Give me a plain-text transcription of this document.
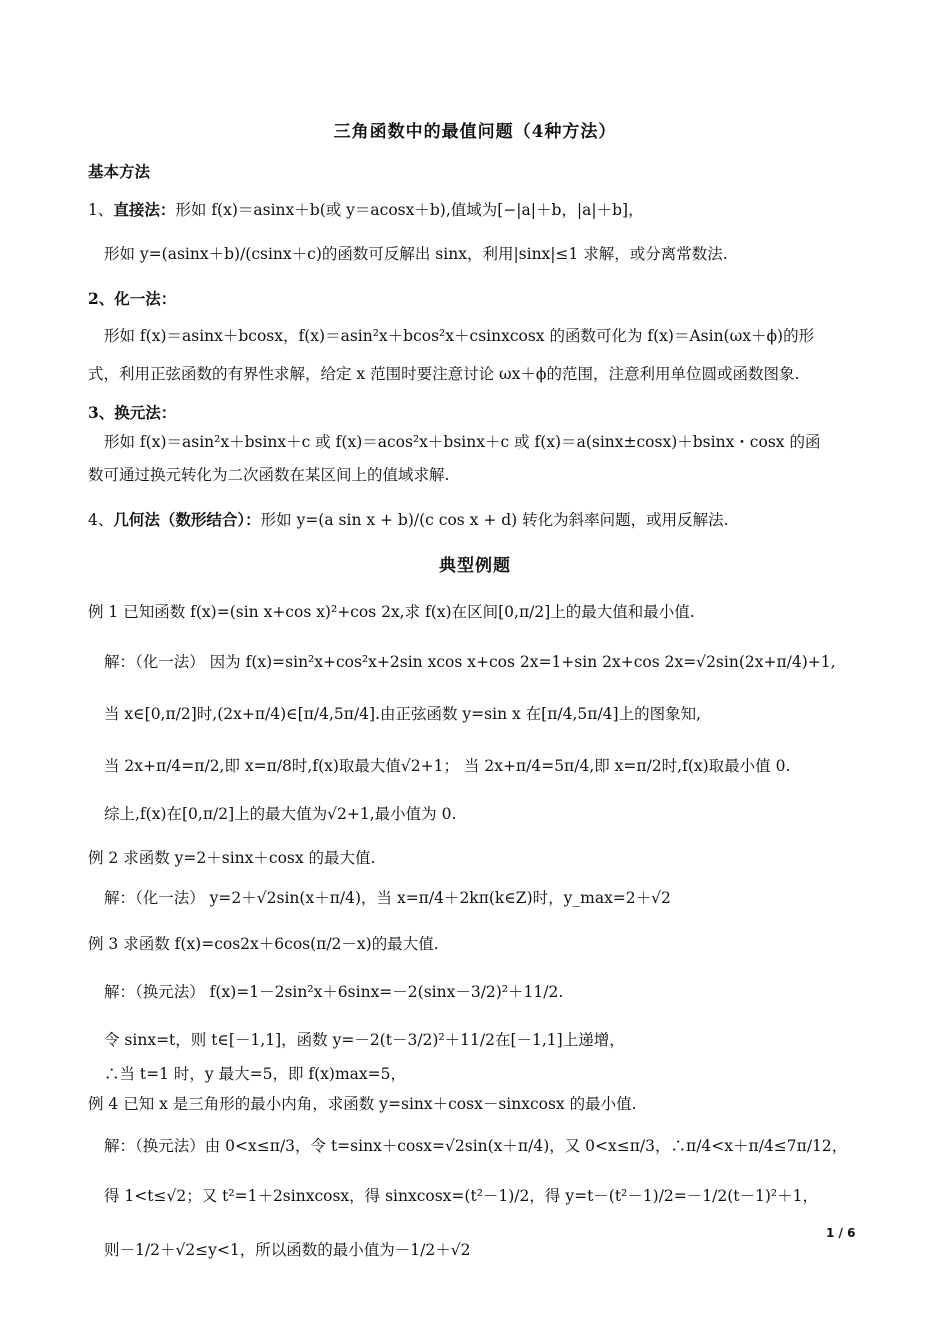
三角函数中的最值问题（4种方法）
基本方法
1、直接法：形如 f(x)＝asinx＋b(或 y＝acosx＋b),值域为[−|a|＋b，|a|＋b]，
形如 y=(asinx＋b)/(csinx＋c)的函数可反解出 sinx，利用|sinx|≤1 求解，或分离常数法.
2、化一法：
形如 f(x)＝asinx＋bcosx，f(x)＝asin²x＋bcos²x＋csinxcosx 的函数可化为 f(x)＝Asin(ωx＋ϕ)的形
式，利用正弦函数的有界性求解，给定 x 范围时要注意讨论 ωx＋ϕ的范围，注意利用单位圆或函数图象.
3、换元法：
形如 f(x)＝asin²x＋bsinx＋c 或 f(x)＝acos²x＋bsinx＋c 或 f(x)＝a(sinx±cosx)＋bsinx・cosx 的函
数可通过换元转化为二次函数在某区间上的值域求解.
4、几何法（数形结合）：形如 y=(a sin x + b)/(c cos x + d) 转化为斜率问题，或用反解法.
典型例题
例 1 已知函数 f(x)=(sin x+cos x)²+cos 2x,求 f(x)在区间[0,π/2]上的最大值和最小值.
解：（化一法） 因为 f(x)=sin²x+cos²x+2sin xcos x+cos 2x=1+sin 2x+cos 2x=√2sin(2x+π/4)+1,
当 x∈[0,π/2]时,(2x+π/4)∈[π/4,5π/4].由正弦函数 y=sin x 在[π/4,5π/4]上的图象知,
当 2x+π/4=π/2,即 x=π/8时,f(x)取最大值√2+1； 当 2x+π/4=5π/4,即 x=π/2时,f(x)取最小值 0.
综上,f(x)在[0,π/2]上的最大值为√2+1,最小值为 0.
例 2 求函数 y=2＋sinx＋cosx 的最大值.
解：（化一法） y=2＋√2sin(x＋π/4)，当 x=π/4＋2kπ(k∈Z)时，y_max=2＋√2
例 3 求函数 f(x)=cos2x＋6cos(π/2－x)的最大值.
解：（换元法） f(x)=1－2sin²x＋6sinx=－2(sinx－3/2)²＋11/2.
令 sinx=t，则 t∈[－1,1]，函数 y=－2(t－3/2)²＋11/2在[－1,1]上递增，
∴当 t=1 时，y 最大=5，即 f(x)max=5，
例 4 已知 x 是三角形的最小内角，求函数 y=sinx＋cosx－sinxcosx 的最小值.
解：（换元法）由 0<x≤π/3，令 t=sinx＋cosx=√2sin(x＋π/4)，又 0<x≤π/3，∴π/4<x＋π/4≤7π/12，
得 1<t≤√2；又 t²=1＋2sinxcosx，得 sinxcosx=(t²－1)/2，得 y=t－(t²－1)/2=－1/2(t－1)²＋1，
则－1/2＋√2≤y<1，所以函数的最小值为－1/2＋√2
1 / 6
